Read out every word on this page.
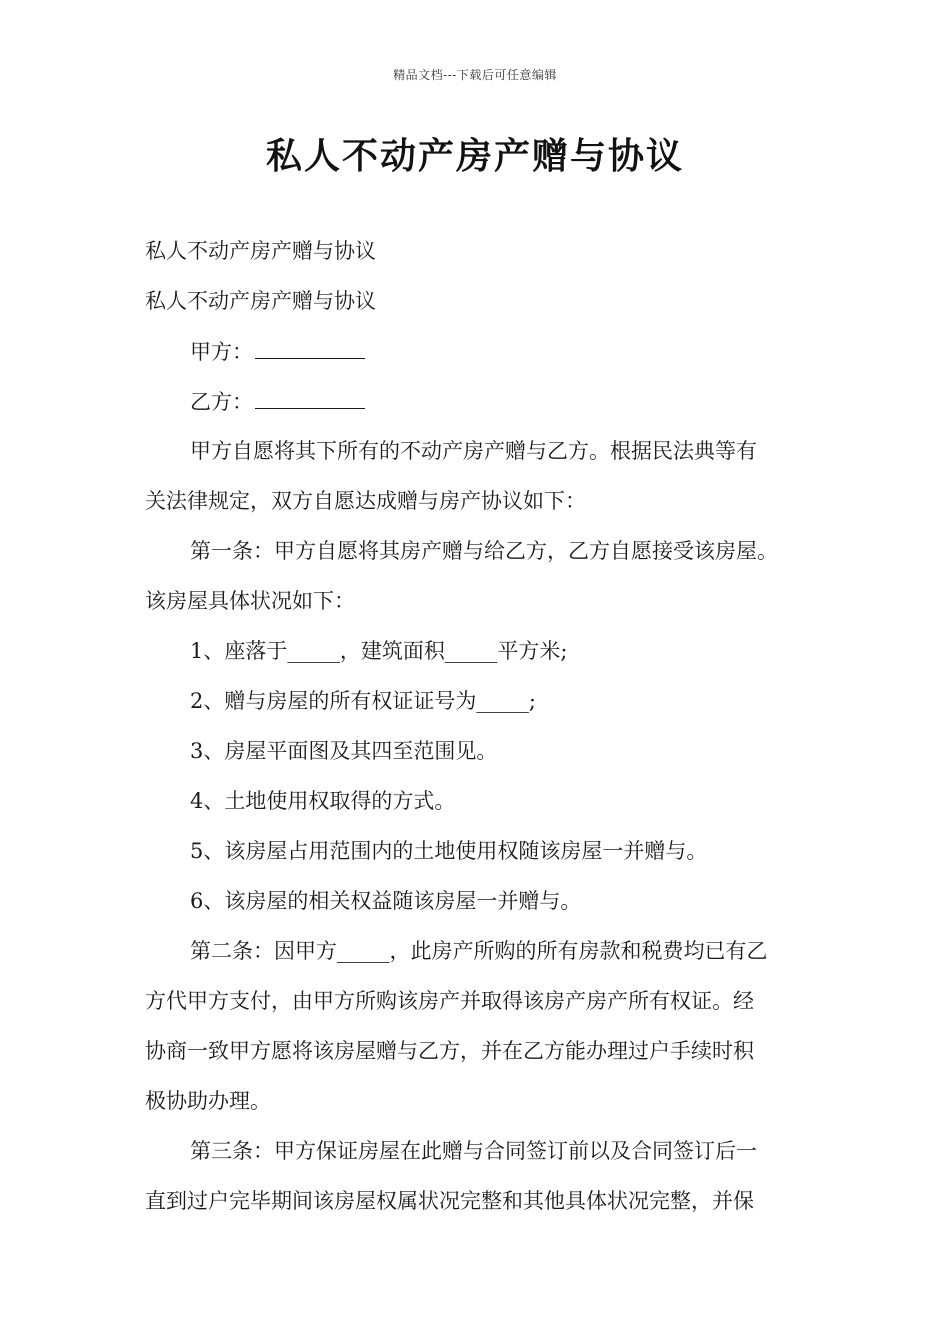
精品文档---下载后可任意编辑
私人不动产房产赠与协议
私人不动产房产赠与协议
私人不动产房产赠与协议
甲方：
乙方：
甲方自愿将其下所有的不动产房产赠与乙方。根据民法典等有
关法律规定，双方自愿达成赠与房产协议如下：
第一条：甲方自愿将其房产赠与给乙方，乙方自愿接受该房屋。
该房屋具体状况如下：
1、座落于_____，建筑面积_____平方米;
2、赠与房屋的所有权证证号为_____;
3、房屋平面图及其四至范围见。
4、土地使用权取得的方式。
5、该房屋占用范围内的土地使用权随该房屋一并赠与。
6、该房屋的相关权益随该房屋一并赠与。
第二条：因甲方_____，此房产所购的所有房款和税费均已有乙
方代甲方支付，由甲方所购该房产并取得该房产房产所有权证。经
协商一致甲方愿将该房屋赠与乙方，并在乙方能办理过户手续时积
极协助办理。
第三条：甲方保证房屋在此赠与合同签订前以及合同签订后一
直到过户完毕期间该房屋权属状况完整和其他具体状况完整，并保
